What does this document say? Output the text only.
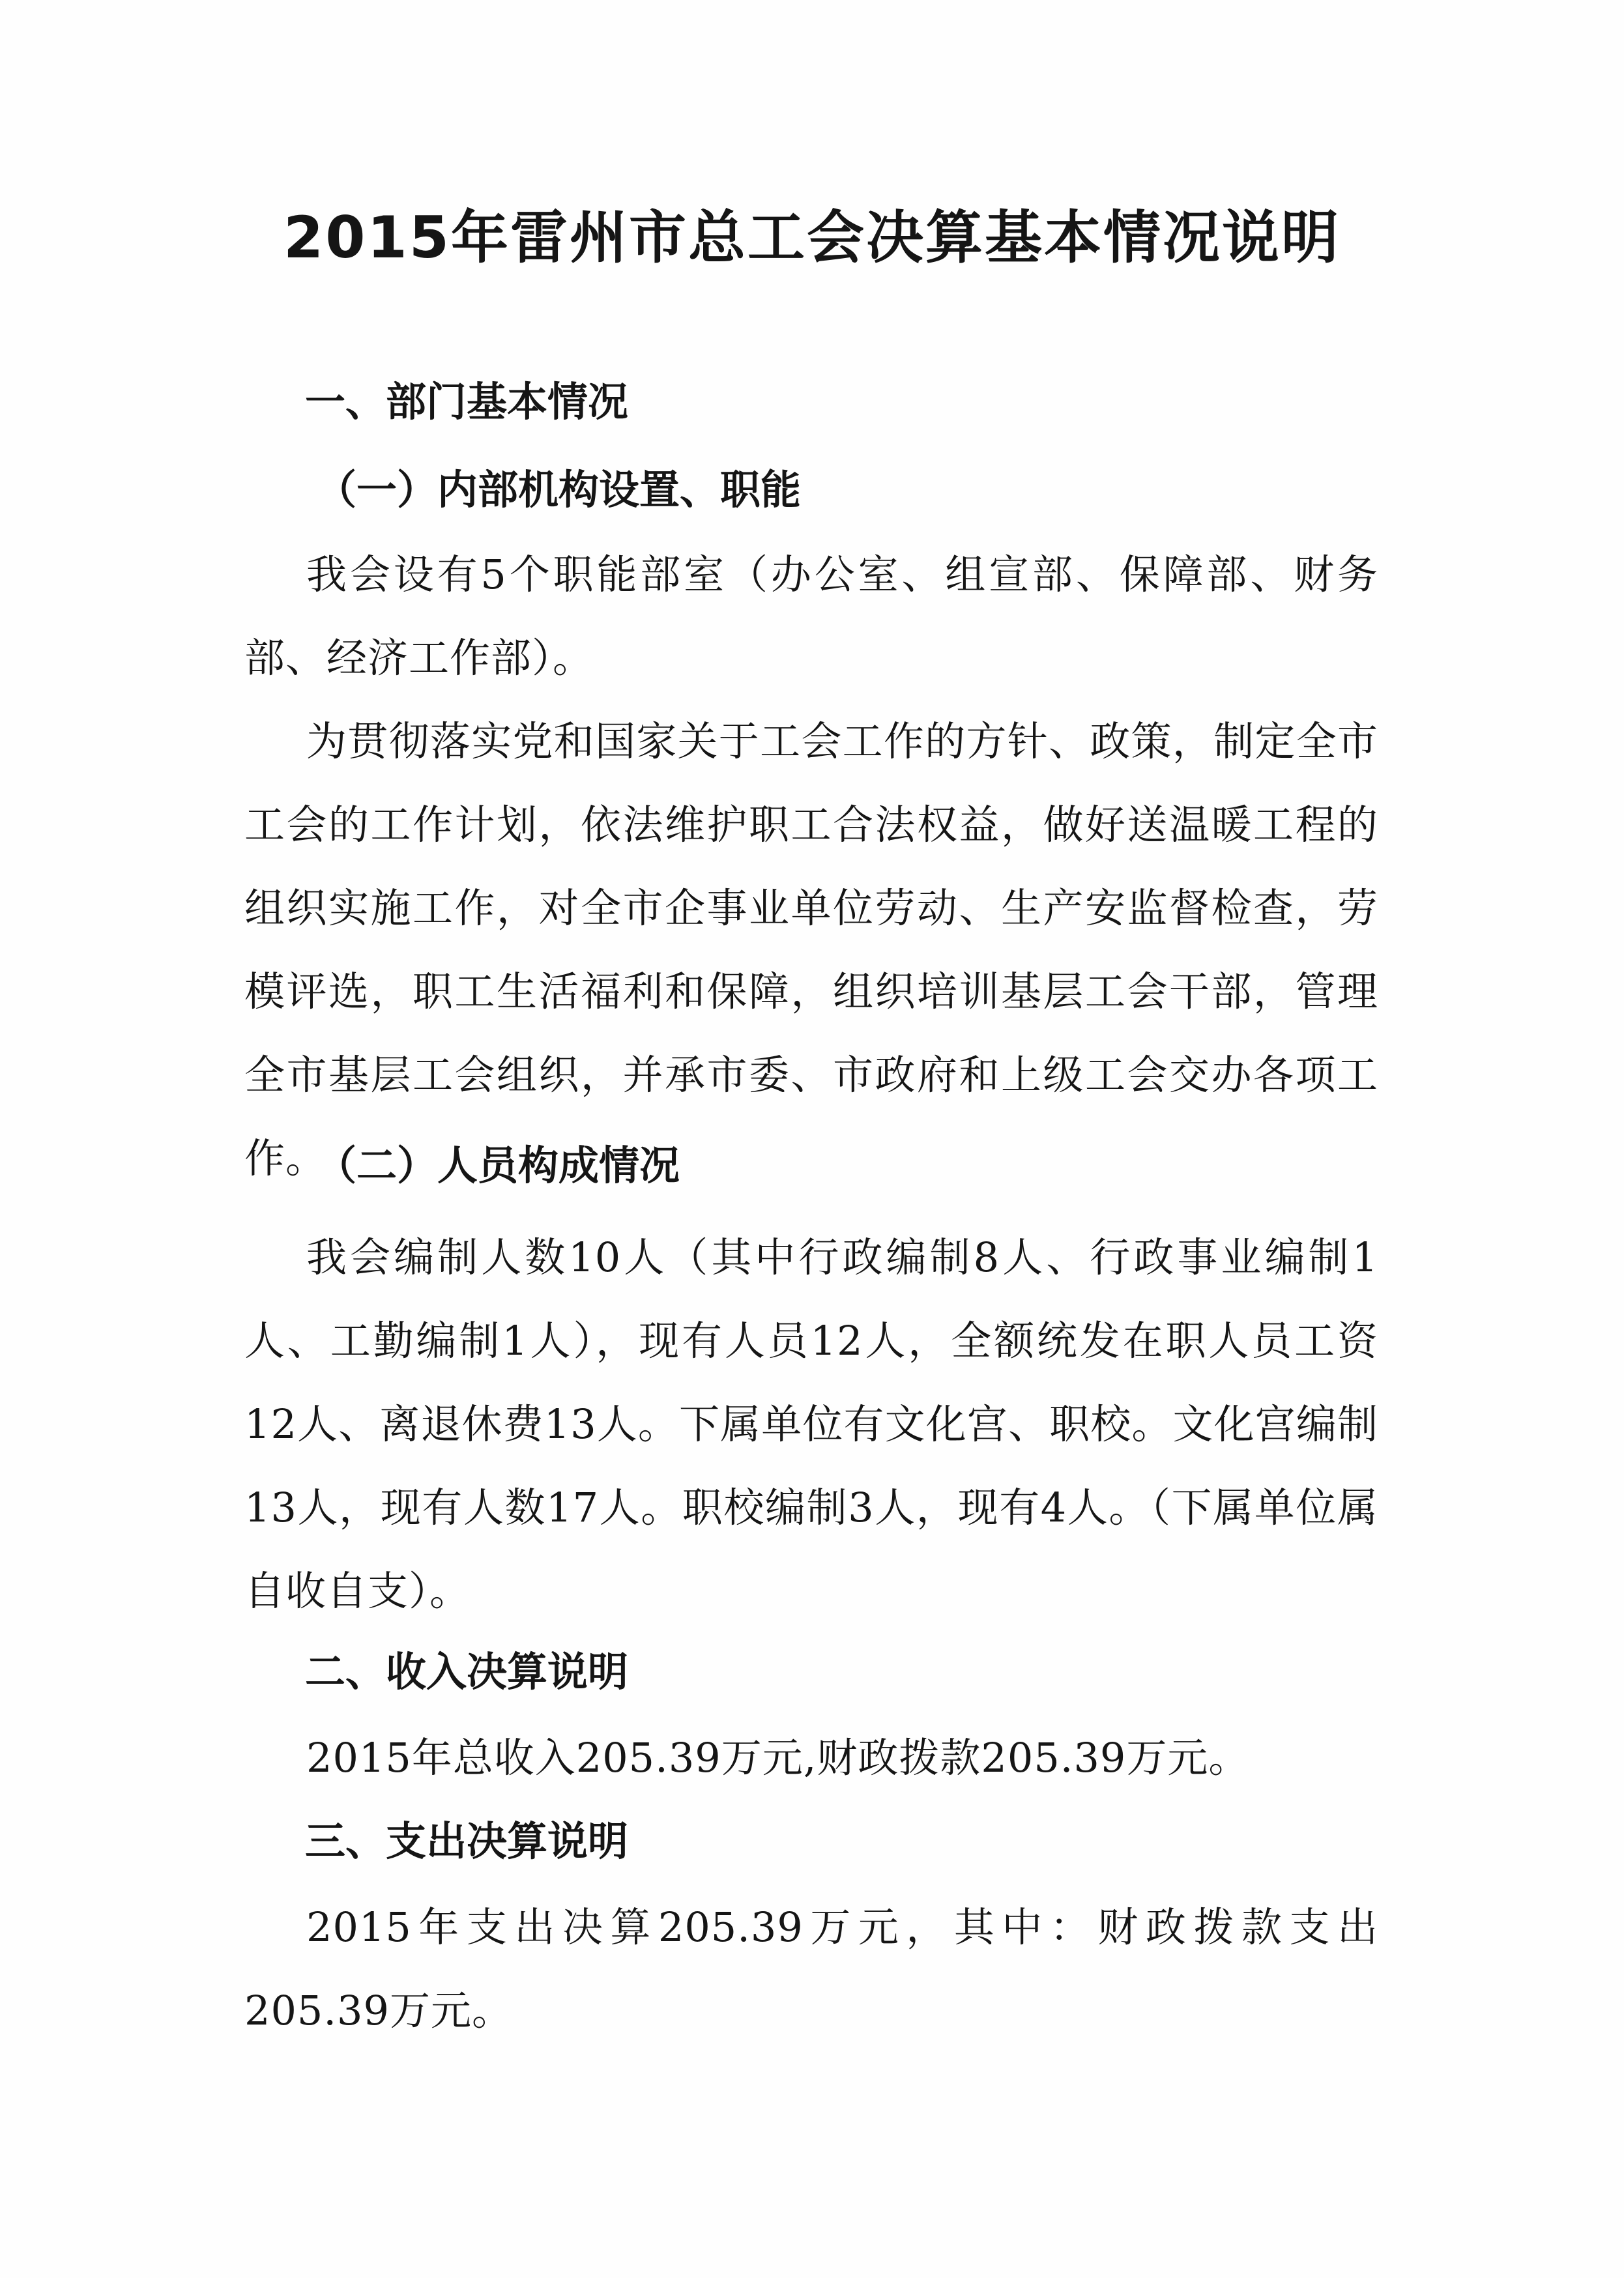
2015年雷州市总工会决算基本情况说明
一、部门基本情况
（一）内部机构设置、职能

我会设有5个职能部室（办公室、组宣部、保障部、财务部、经济工作部）。

为贯彻落实党和国家关于工会工作的方针、政策，制定全市工会的工作计划，依法维护职工合法权益，做好送温暖工程的组织实施工作，对全市企事业单位劳动、生产安监督检查，劳模评选，职工生活福利和保障，组织培训基层工会干部，管理全市基层工会组织，并承市委、市政府和上级工会交办各项工作。

（二）人员构成情况

我会编制人数10人（其中行政编制8人、行政事业编制1人、工勤编制1人），现有人员12人，全额统发在职人员工资12人、离退休费13人。下属单位有文化宫、职校。文化宫编制13人，现有人数17人。职校编制3人，现有4人。（下属单位属自收自支）。

二、收入决算说明

2015年总收入205.39万元,财政拨款205.39万元。

三、支出决算说明

2015年支出决算205.39万元，其中：财政拨款支出205.39万元。
